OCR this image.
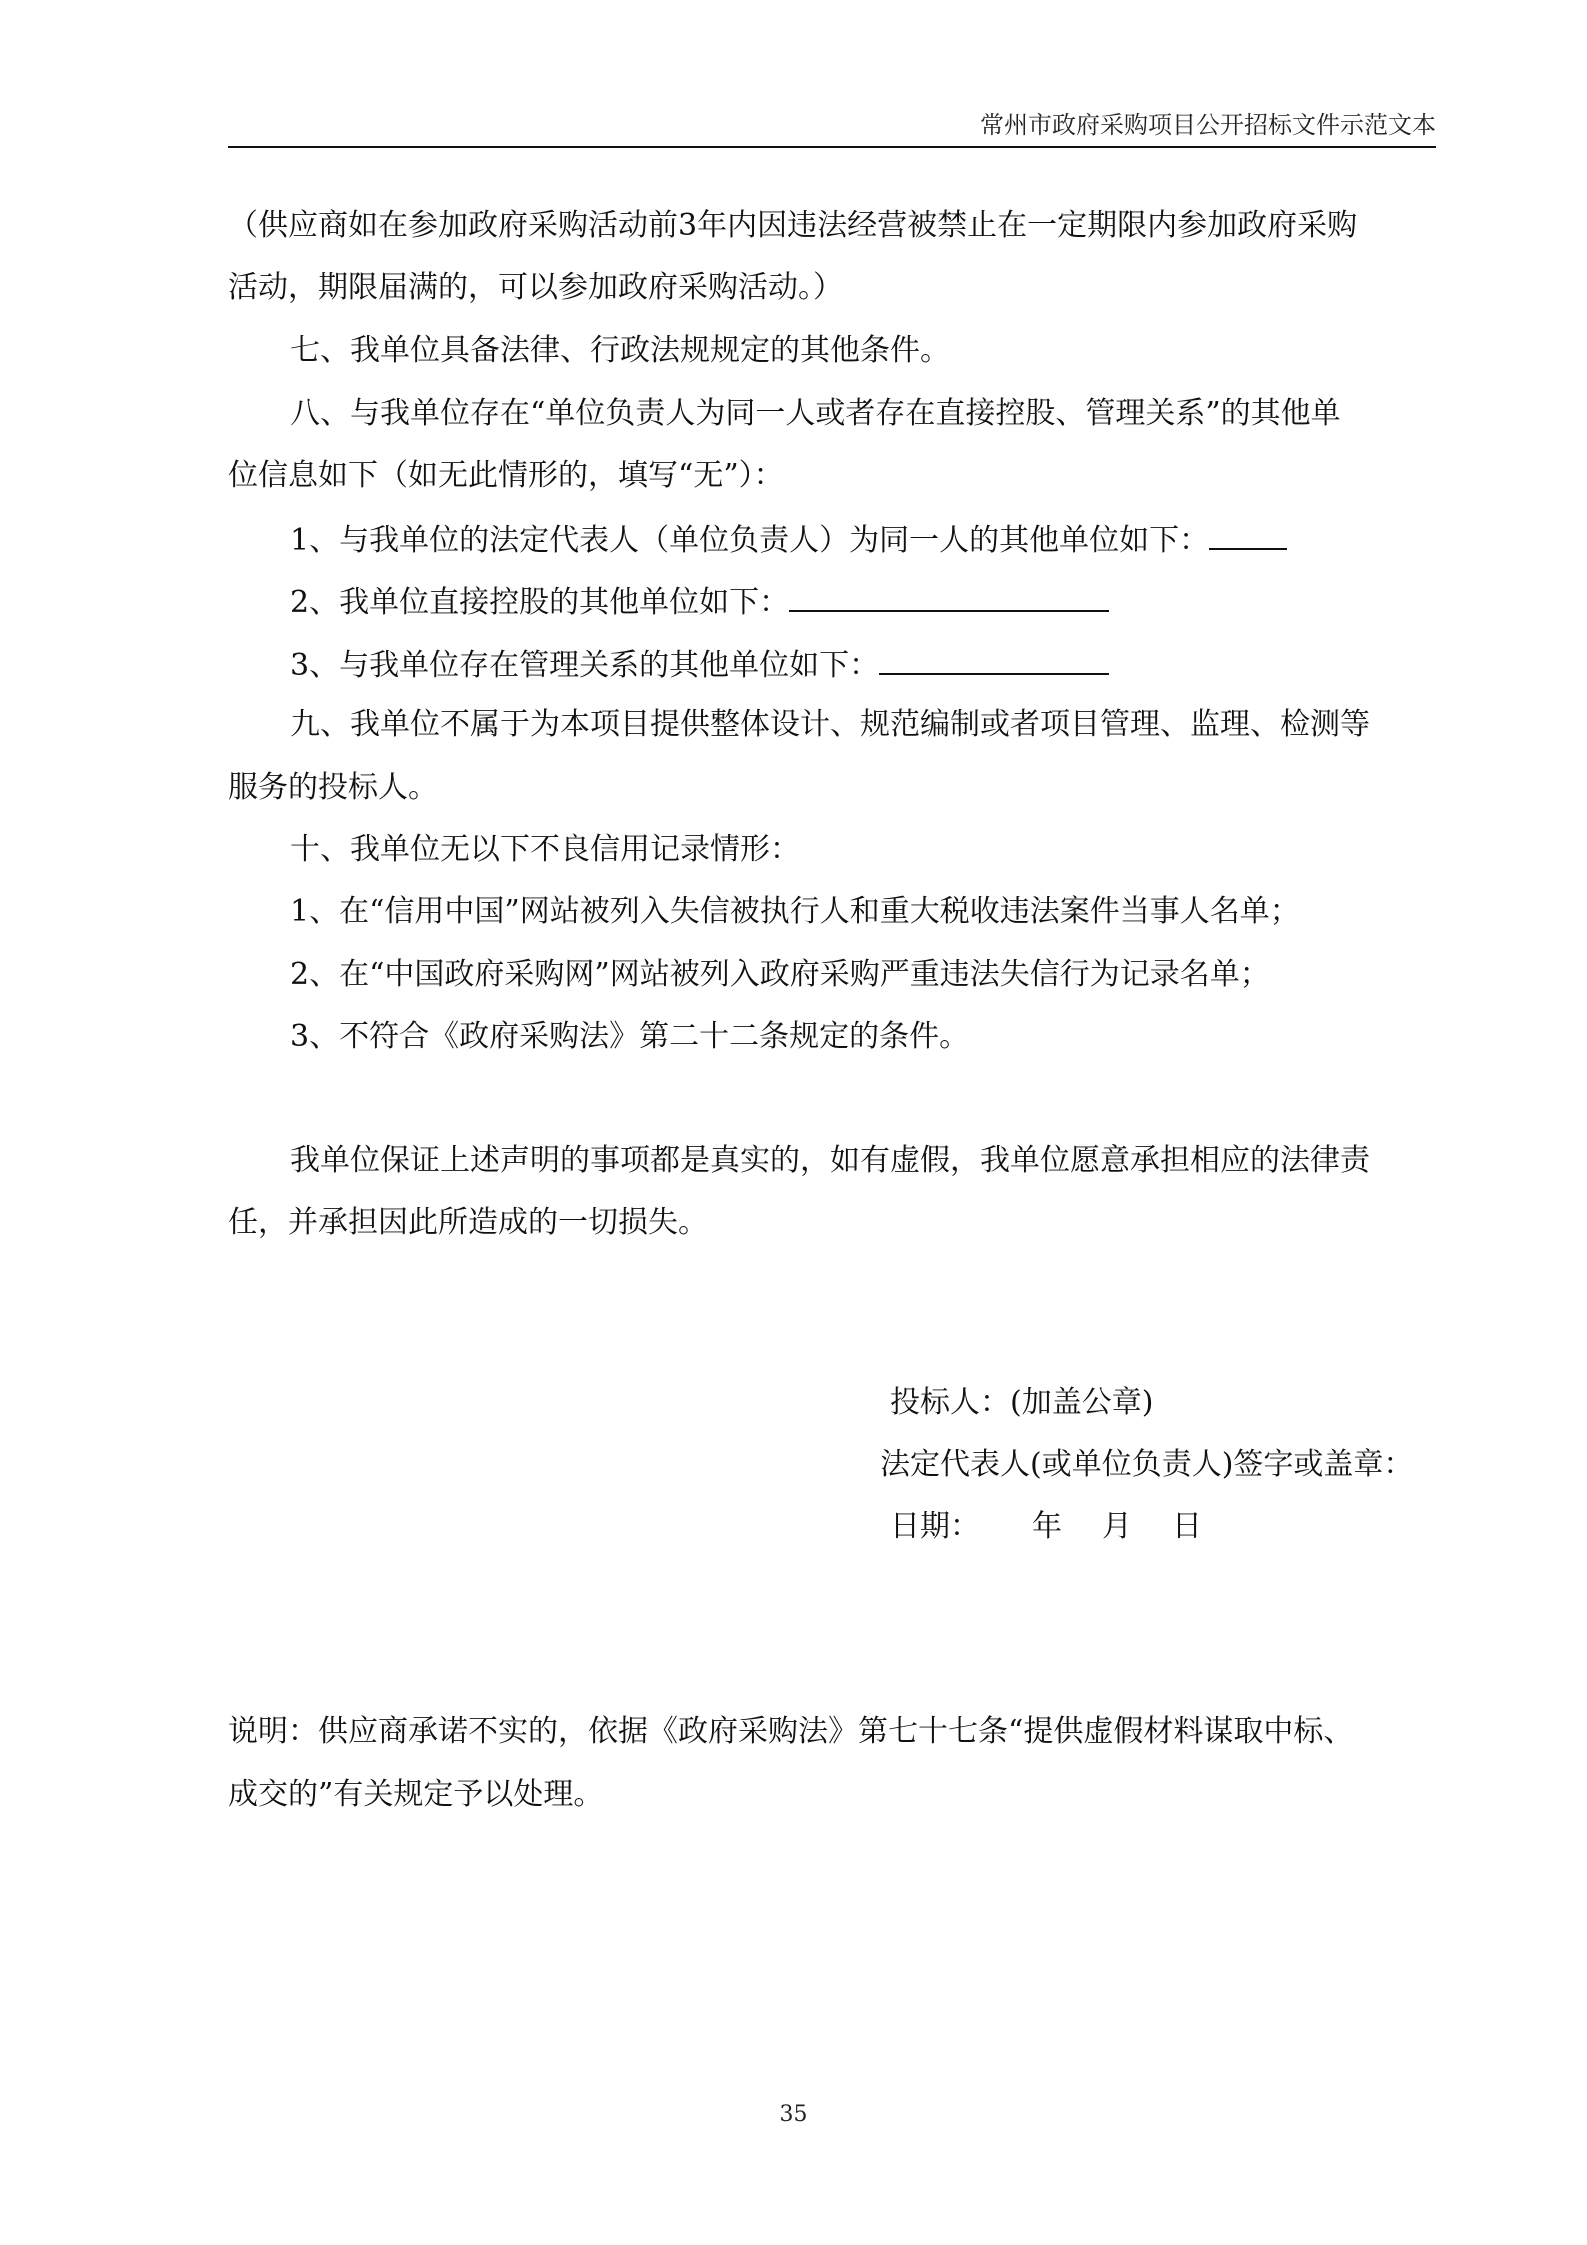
常州市政府采购项目公开招标文件示范文本
（供应商如在参加政府采购活动前3年内因违法经营被禁止在一定期限内参加政府采购
活动，期限届满的，可以参加政府采购活动。）
七、我单位具备法律、行政法规规定的其他条件。
八、与我单位存在“单位负责人为同一人或者存在直接控股、管理关系”的其他单
位信息如下（如无此情形的，填写“无”）：
1、与我单位的法定代表人（单位负责人）为同一人的其他单位如下：
2、我单位直接控股的其他单位如下：
3、与我单位存在管理关系的其他单位如下：
九、我单位不属于为本项目提供整体设计、规范编制或者项目管理、监理、检测等
服务的投标人。
十、我单位无以下不良信用记录情形：
1、在“信用中国”网站被列入失信被执行人和重大税收违法案件当事人名单；
2、在“中国政府采购网”网站被列入政府采购严重违法失信行为记录名单；
3、不符合《政府采购法》第二十二条规定的条件。
我单位保证上述声明的事项都是真实的，如有虚假，我单位愿意承担相应的法律责
任，并承担因此所造成的一切损失。
投标人：(加盖公章)
法定代表人(或单位负责人)签字或盖章：
日期： 年 月 日
说明：供应商承诺不实的，依据《政府采购法》第七十七条“提供虚假材料谋取中标、
成交的”有关规定予以处理。
35
